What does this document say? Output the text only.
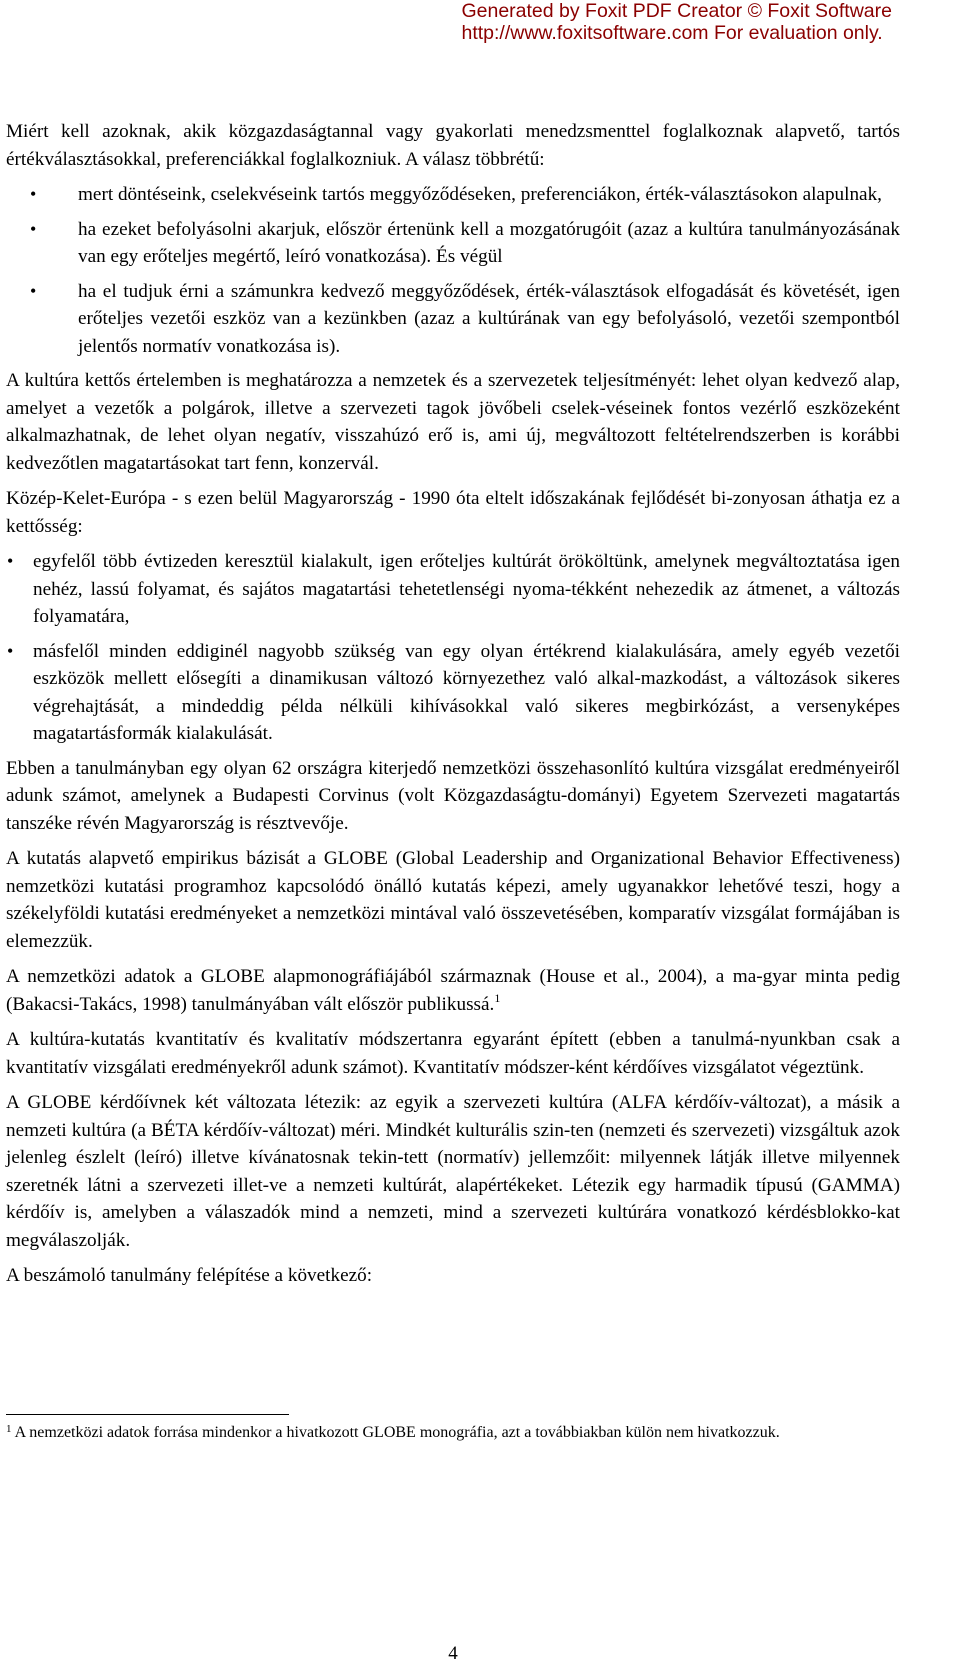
Generated by Foxit PDF Creator © Foxit Software
http://www.foxitsoftware.com For evaluation only.

Miért kell azoknak, akik közgazdaságtannal vagy gyakorlati menedzsmenttel foglalkoznak alapvető, tartós értékválasztásokkal, preferenciákkal foglalkozniuk. A válasz többrétű:

• mert döntéseink, cselekvéseink tartós meggyőződéseken, preferenciákon, érték-választásokon alapulnak,
• ha ezeket befolyásolni akarjuk, először értenünk kell a mozgatórugóit (azaz a kultúra tanulmányozásának van egy erőteljes megértő, leíró vonatkozása). És végül
• ha el tudjuk érni a számunkra kedvező meggyőződések, érték-választások elfogadását és követését, igen erőteljes vezetői eszköz van a kezünkben (azaz a kultúrának van egy befolyásoló, vezetői szempontból jelentős normatív vonatkozása is).

A kultúra kettős értelemben is meghatározza a nemzetek és a szervezetek teljesítményét: lehet olyan kedvező alap, amelyet a vezetők a polgárok, illetve a szervezeti tagok jövőbeli cselek-véseinek fontos vezérlő eszközeként alkalmazhatnak, de lehet olyan negatív, visszahúzó erő is, ami új, megváltozott feltételrendszerben is korábbi kedvezőtlen magatartásokat tart fenn, konzervál.

Közép-Kelet-Európa - s ezen belül Magyarország - 1990 óta eltelt időszakának fejlődését bi-zonyosan áthatja ez a kettősség:

• egyfelől több évtizeden keresztül kialakult, igen erőteljes kultúrát örököltünk, amelynek megváltoztatása igen nehéz, lassú folyamat, és sajátos magatartási tehetetlenségi nyoma-tékként nehezedik az átmenet, a változás folyamatára,
• másfelől minden eddiginél nagyobb szükség van egy olyan értékrend kialakulására, amely egyéb vezetői eszközök mellett elősegíti a dinamikusan változó környezethez való alkal-mazkodást, a változások sikeres végrehajtását, a mindeddig példa nélküli kihívásokkal való sikeres megbirkózást, a versenyképes magatartásformák kialakulását.

Ebben a tanulmányban egy olyan 62 országra kiterjedő nemzetközi összehasonlító kultúra vizsgálat eredményeiről adunk számot, amelynek a Budapesti Corvinus (volt Közgazdaságtu-dományi) Egyetem Szervezeti magatartás tanszéke révén Magyarország is résztvevője.

A kutatás alapvető empirikus bázisát a GLOBE (Global Leadership and Organizational Behavior Effectiveness) nemzetközi kutatási programhoz kapcsolódó önálló kutatás képezi, amely ugyanakkor lehetővé teszi, hogy a székelyföldi kutatási eredményeket a nemzetközi mintával való összevetésében, komparatív vizsgálat formájában is elemezzük.

A nemzetközi adatok a GLOBE alapmonográfiájából származnak (House et al., 2004), a ma-gyar minta pedig (Bakacsi-Takács, 1998) tanulmányában vált először publikussá.$^1$

A kultúra-kutatás kvantitatív és kvalitatív módszertanra egyaránt épített (ebben a tanulmá-nyunkban csak a kvantitatív vizsgálati eredményekről adunk számot). Kvantitatív módszer-ként kérdőíves vizsgálatot végeztünk.

A GLOBE kérdőívnek két változata létezik: az egyik a szervezeti kultúra (ALFA kérdőív-változat), a másik a nemzeti kultúra (a BÉTA kérdőív-változat) méri. Mindkét kulturális szin-ten (nemzeti és szervezeti) vizsgáltuk azok jelenleg észlelt (leíró) illetve kívánatosnak tekin-tett (normatív) jellemzőit: milyennek látják illetve milyennek szeretnék látni a szervezeti illet-ve a nemzeti kultúrát, alapértékeket. Létezik egy harmadik típusú (GAMMA) kérdőív is, amelyben a válaszadók mind a nemzeti, mind a szervezeti kultúrára vonatkozó kérdésblokko-kat megválaszolják.

A beszámoló tanulmány felépítése a következő:

$^1$ A nemzetközi adatok forrása mindenkor a hivatkozott GLOBE monográfia, azt a továbbiakban külön nem hivatkozzuk.
4
